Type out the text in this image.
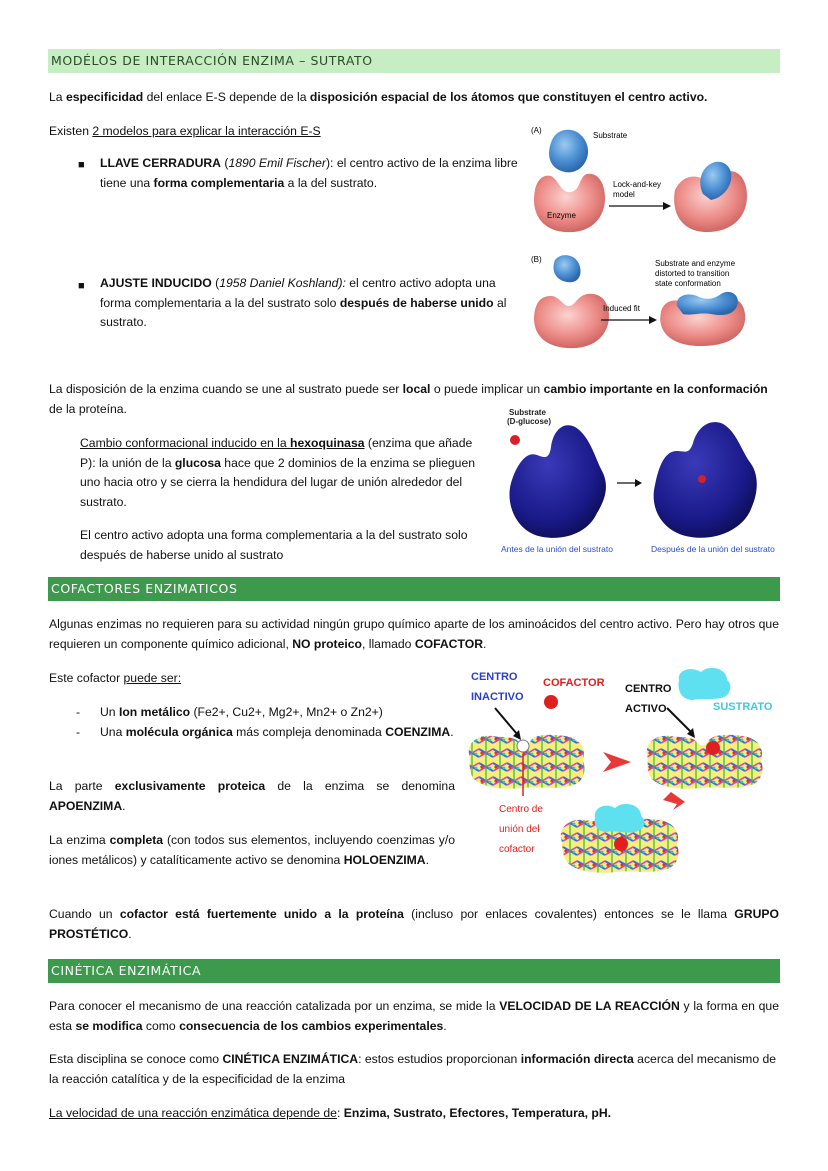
MODÉLOS DE INTERACCIÓN ENZIMA – SUTRATO

La especificidad del enlace E-S depende de la disposición espacial de los átomos que constituyen el centro activo.

Existen 2 modelos para explicar la interacción E-S

■ LLAVE CERRADURA (1890 Emil Fischer): el centro activo de la enzima libre tiene una forma complementaria a la del sustrato.

■ AJUSTE INDUCIDO (1958 Daniel Koshland): el centro activo adopta una forma complementaria a la del sustrato solo después de haberse unido al sustrato.

(A)
Substrate
Enzyme
Lock-and-key
model
(B)	Substrate and enzyme
distorted to transition
state conformation
Induced fit

La disposición de la enzima cuando se une al sustrato puede ser local o puede implicar un cambio importante en la conformación de la proteína.

Cambio conformacional inducido en la hexoquinasa (enzima que añade P): la unión de la glucosa hace que 2 dominios de la enzima se plieguen uno hacia otro y se cierra la hendidura del lugar de unión alrededor del sustrato.

El centro activo adopta una forma complementaria a la del sustrato solo después de haberse unido al sustrato

Substrate
(D-glucose)
Antes de la unión del sustrato	Después de la unión del sustrato
COFACTORES ENZIMATICOS

Algunas enzimas no requieren para su actividad ningún grupo químico aparte de los aminoácidos del centro activo. Pero hay otros que requieren un componente químico adicional, NO proteico, llamado COFACTOR.

Este cofactor puede ser:

- Un Ion metálico (Fe2+, Cu2+, Mg2+, Mn2+ o Zn2+)

- Una molécula orgánica más compleja denominada COENZIMA.

La parte exclusivamente proteica de la enzima se denomina APOENZIMA.

La enzima completa (con todos sus elementos, incluyendo coenzimas y/o iones metálicos) y catalíticamente activo se denomina HOLOENZIMA.

Cuando un cofactor está fuertemente unido a la proteína (incluso por enlaces covalentes) entonces se le llama GRUPO PROSTÉTICO.

CENTRO
INACTIVO
COFACTOR CENTRO
ACTIVO	SUSTRATO
Centro de
unión del
cofactor
CINÉTICA ENZIMÁTICA

Para conocer el mecanismo de una reacción catalizada por un enzima, se mide la VELOCIDAD DE LA REACCIÓN y la forma en que esta se modifica como consecuencia de los cambios experimentales.

Esta disciplina se conoce como CINÉTICA ENZIMÁTICA: estos estudios proporcionan información directa acerca del mecanismo de la reacción catalítica y de la especificidad de la enzima

La velocidad de una reacción enzimática depende de: Enzima, Sustrato, Efectores, Temperatura, pH.
